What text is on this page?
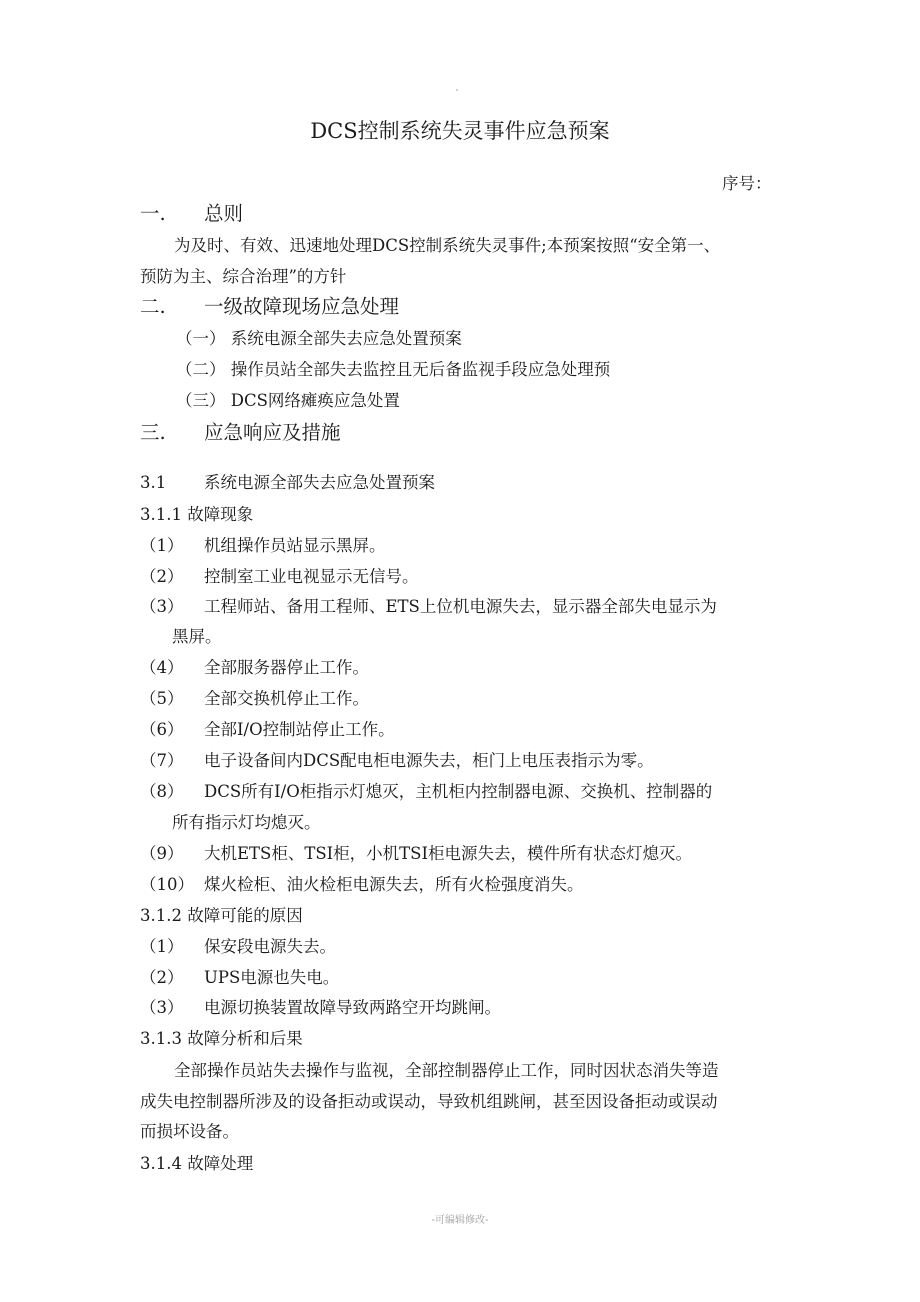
DCS控制系统失灵事件应急预案
序号：
一. 总则
为及时、有效、迅速地处理DCS控制系统失灵事件;本预案按照“安全第一、
预防为主、综合治理”的方针
二. 一级故障现场应急处理
（一） 系统电源全部失去应急处置预案
（二） 操作员站全部失去监控且无后备监视手段应急处理预
（三） DCS网络瘫痪应急处置
三. 应急响应及措施
3.1 系统电源全部失去应急处置预案
3.1.1 故障现象
（1） 机组操作员站显示黑屏。
（2） 控制室工业电视显示无信号。
（3） 工程师站、备用工程师、ETS上位机电源失去，显示器全部失电显示为
黑屏。
（4） 全部服务器停止工作。
（5） 全部交换机停止工作。
（6） 全部I/O控制站停止工作。
（7） 电子设备间内DCS配电柜电源失去，柜门上电压表指示为零。
（8） DCS所有I/O柜指示灯熄灭，主机柜内控制器电源、交换机、控制器的
所有指示灯均熄灭。
（9） 大机ETS柜、TSI柜，小机TSI柜电源失去，模件所有状态灯熄灭。
（10） 煤火检柜、油火检柜电源失去，所有火检强度消失。
3.1.2 故障可能的原因
（1） 保安段电源失去。
（2） UPS电源也失电。
（3） 电源切换装置故障导致两路空开均跳闸。
3.1.3 故障分析和后果
全部操作员站失去操作与监视，全部控制器停止工作，同时因状态消失等造
成失电控制器所涉及的设备拒动或误动，导致机组跳闸，甚至因设备拒动或误动
而损坏设备。
3.1.4 故障处理
-可编辑修改-
